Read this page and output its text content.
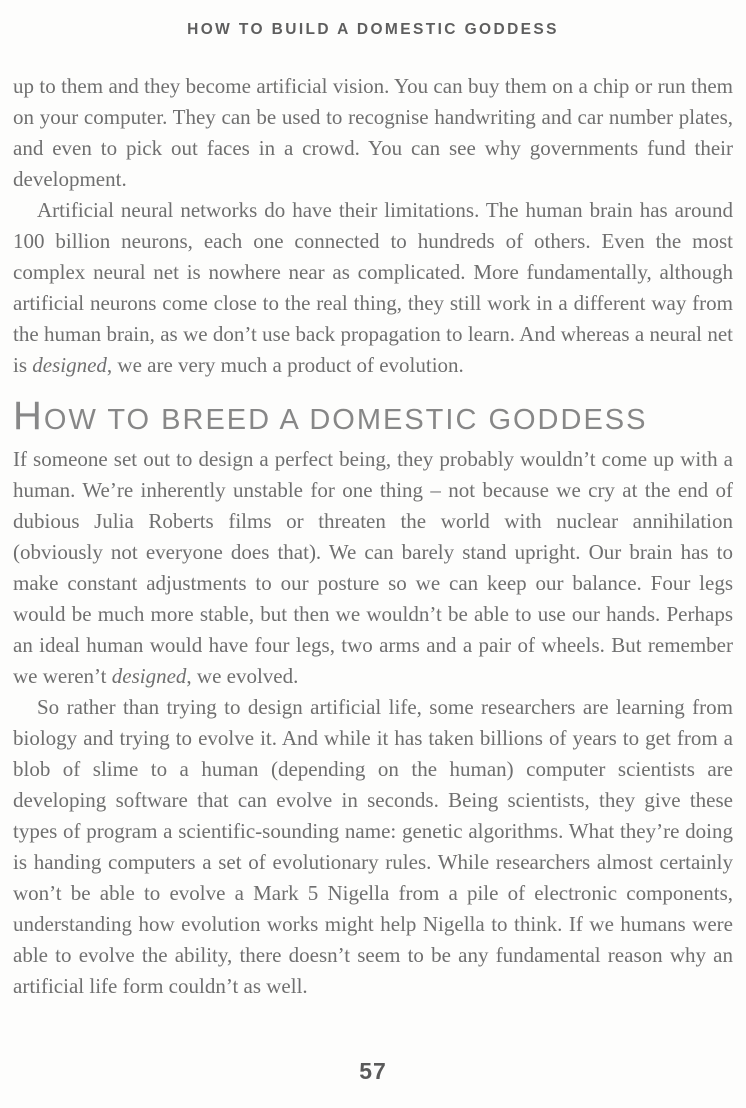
HOW TO BUILD A DOMESTIC GODDESS

up to them and they become artificial vision. You can buy them on a chip or run them on your computer. They can be used to recognise handwriting and car number plates, and even to pick out faces in a crowd. You can see why governments fund their development.

Artificial neural networks do have their limitations. The human brain has around 100 billion neurons, each one connected to hundreds of others. Even the most complex neural net is nowhere near as complicated. More fundamentally, although artificial neurons come close to the real thing, they still work in a different way from the human brain, as we don’t use back propagation to learn. And whereas a neural net is designed, we are very much a product of evolution.

HOW TO BREED A DOMESTIC GODDESS

If someone set out to design a perfect being, they probably wouldn’t come up with a human. We’re inherently unstable for one thing – not because we cry at the end of dubious Julia Roberts films or threaten the world with nuclear annihilation (obviously not everyone does that). We can barely stand upright. Our brain has to make constant adjustments to our posture so we can keep our balance. Four legs would be much more stable, but then we wouldn’t be able to use our hands. Perhaps an ideal human would have four legs, two arms and a pair of wheels. But remember we weren’t designed, we evolved.

So rather than trying to design artificial life, some researchers are learning from biology and trying to evolve it. And while it has taken billions of years to get from a blob of slime to a human (depending on the human) computer scientists are developing software that can evolve in seconds. Being scientists, they give these types of program a scientific-sounding name: genetic algorithms. What they’re doing is handing computers a set of evolutionary rules. While researchers almost certainly won’t be able to evolve a Mark 5 Nigella from a pile of electronic components, understanding how evolution works might help Nigella to think. If we humans were able to evolve the ability, there doesn’t seem to be any fundamental reason why an artificial life form couldn’t as well.

57
